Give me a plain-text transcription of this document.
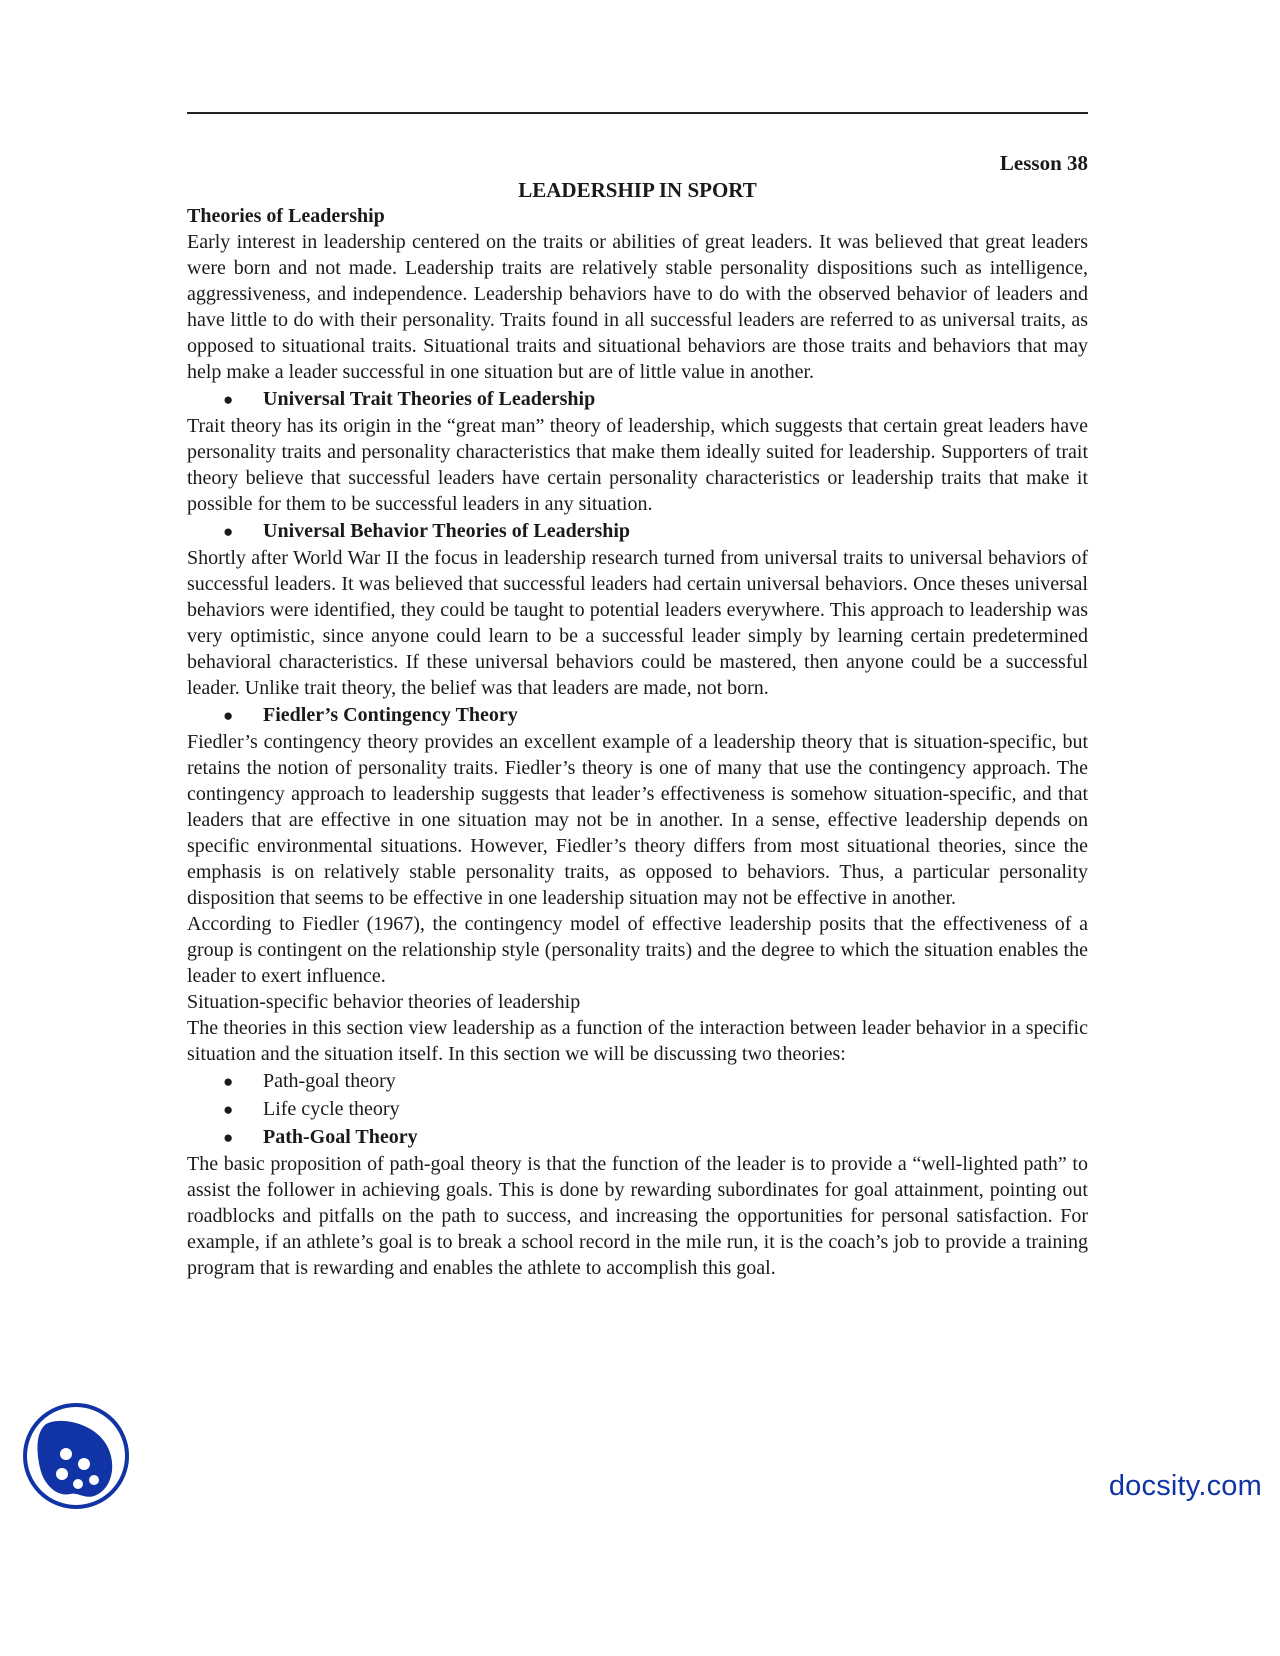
Lesson 38
LEADERSHIP IN SPORT
Theories of Leadership

Early interest in leadership centered on the traits or abilities of great leaders. It was believed that great leaders were born and not made. Leadership traits are relatively stable personality dispositions such as intelligence, aggressiveness, and independence. Leadership behaviors have to do with the observed behavior of leaders and have little to do with their personality. Traits found in all successful leaders are referred to as universal traits, as opposed to situational traits. Situational traits and situational behaviors are those traits and behaviors that may help make a leader successful in one situation but are of little value in another.

●	Universal Trait Theories of Leadership

Trait theory has its origin in the “great man” theory of leadership, which suggests that certain great leaders have personality traits and personality characteristics that make them ideally suited for leadership. Supporters of trait theory believe that successful leaders have certain personality characteristics or leadership traits that make it possible for them to be successful leaders in any situation.

●	Universal Behavior Theories of Leadership

Shortly after World War II the focus in leadership research turned from universal traits to universal behaviors of successful leaders. It was believed that successful leaders had certain universal behaviors. Once theses universal behaviors were identified, they could be taught to potential leaders everywhere. This approach to leadership was very optimistic, since anyone could learn to be a successful leader simply by learning certain predetermined behavioral characteristics. If these universal behaviors could be mastered, then anyone could be a successful leader. Unlike trait theory, the belief was that leaders are made, not born.

●	Fiedler’s Contingency Theory

Fiedler’s contingency theory provides an excellent example of a leadership theory that is situation-specific, but retains the notion of personality traits. Fiedler’s theory is one of many that use the contingency approach. The contingency approach to leadership suggests that leader’s effectiveness is somehow situation-specific, and that leaders that are effective in one situation may not be in another. In a sense, effective leadership depends on specific environmental situations. However, Fiedler’s theory differs from most situational theories, since the emphasis is on relatively stable personality traits, as opposed to behaviors. Thus, a particular personality disposition that seems to be effective in one leadership situation may not be effective in another.

According to Fiedler (1967), the contingency model of effective leadership posits that the effectiveness of a group is contingent on the relationship style (personality traits) and the degree to which the situation enables the leader to exert influence.

Situation-specific behavior theories of leadership

The theories in this section view leadership as a function of the interaction between leader behavior in a specific situation and the situation itself. In this section we will be discussing two theories:

●	Path-goal theory
●	Life cycle theory
●	Path-Goal Theory

The basic proposition of path-goal theory is that the function of the leader is to provide a “well-lighted path” to assist the follower in achieving goals. This is done by rewarding subordinates for goal attainment, pointing out roadblocks and pitfalls on the path to success, and increasing the opportunities for personal satisfaction. For example, if an athlete’s goal is to break a school record in the mile run, it is the coach’s job to provide a training program that is rewarding and enables the athlete to accomplish this goal.

docsity.com
